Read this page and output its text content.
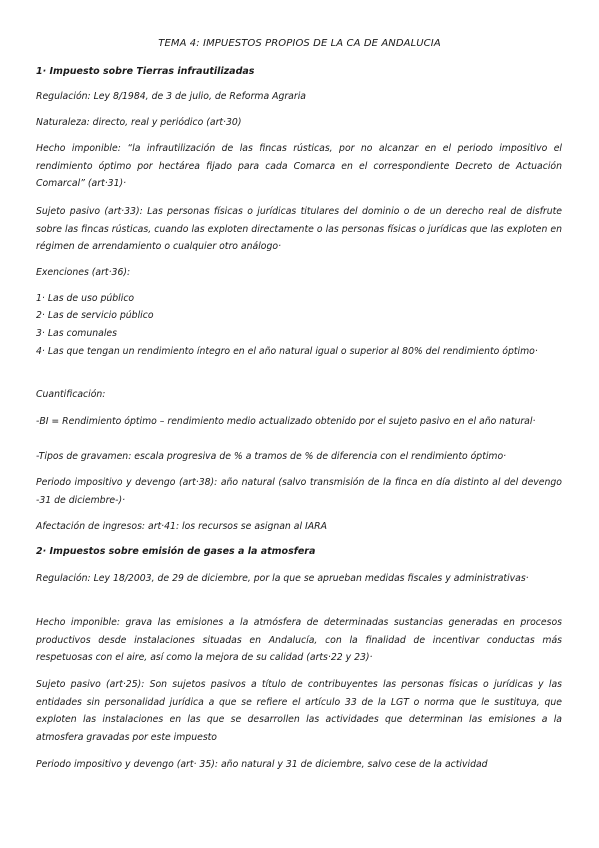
TEMA 4: IMPUESTOS PROPIOS DE LA CA DE ANDALUCIA
1· Impuesto sobre Tierras infrautilizadas
Regulación: Ley 8/1984, de 3 de julio, de Reforma Agraria
Naturaleza: directo, real y periódico (art·30)
Hecho imponible: “la infrautilización de las fincas rústicas, por no alcanzar en el periodo impositivo el rendimiento óptimo por hectárea fijado para cada Comarca en el correspondiente Decreto de Actuación Comarcal” (art·31)·
Sujeto pasivo (art·33): Las personas físicas o jurídicas titulares del dominio o de un derecho real de disfrute sobre las fincas rústicas, cuando las exploten directamente o las personas físicas o jurídicas que las exploten en régimen de arrendamiento o cualquier otro análogo·
Exenciones (art·36):
1· Las de uso público
2· Las de servicio público
3· Las comunales
4· Las que tengan un rendimiento íntegro en el año natural igual o superior al 80% del rendimiento óptimo·
Cuantificación:
-BI = Rendimiento óptimo – rendimiento medio actualizado obtenido por el sujeto pasivo en el año natural·
-Tipos de gravamen: escala progresiva de % a tramos de % de diferencia con el rendimiento óptimo·
Periodo impositivo y devengo (art·38): año natural (salvo transmisión de la finca en día distinto al del devengo -31 de diciembre-)·
Afectación de ingresos: art·41: los recursos se asignan al IARA
2· Impuestos sobre emisión de gases a la atmosfera
Regulación: Ley 18/2003, de 29 de diciembre, por la que se aprueban medidas fiscales y administrativas·
Hecho imponible: grava las emisiones a la atmósfera de determinadas sustancias generadas en procesos productivos desde instalaciones situadas en Andalucía, con la finalidad de incentivar conductas más respetuosas con el aire, así como la mejora de su calidad (arts·22 y 23)·
Sujeto pasivo (art·25): Son sujetos pasivos a título de contribuyentes las personas físicas o jurídicas y las entidades sin personalidad jurídica a que se refiere el artículo 33 de la LGT o norma que le sustituya, que exploten las instalaciones en las que se desarrollen las actividades que determinan las emisiones a la atmosfera gravadas por este impuesto
Periodo impositivo y devengo (art· 35): año natural y 31 de diciembre, salvo cese de la actividad
